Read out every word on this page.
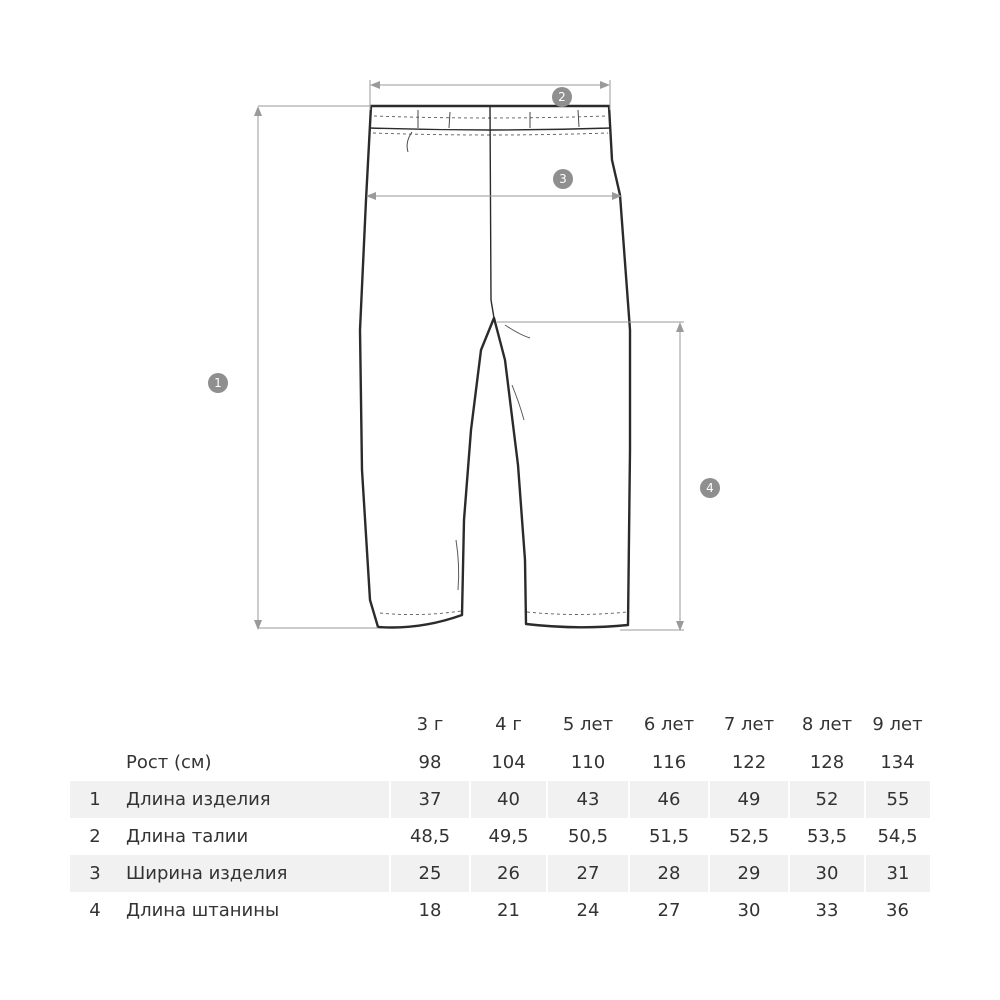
1
2
3
4
		3 г	4 г	5 лет	6 лет	7 лет	8 лет	9 лет
	Рост (см)	98	104	110	116	122	128	134
1	Длина изделия	37	40	43	46	49	52	55
2	Длина талии	48,5	49,5	50,5	51,5	52,5	53,5	54,5
3	Ширина изделия	25	26	27	28	29	30	31
4	Длина штанины	18	21	24	27	30	33	36
